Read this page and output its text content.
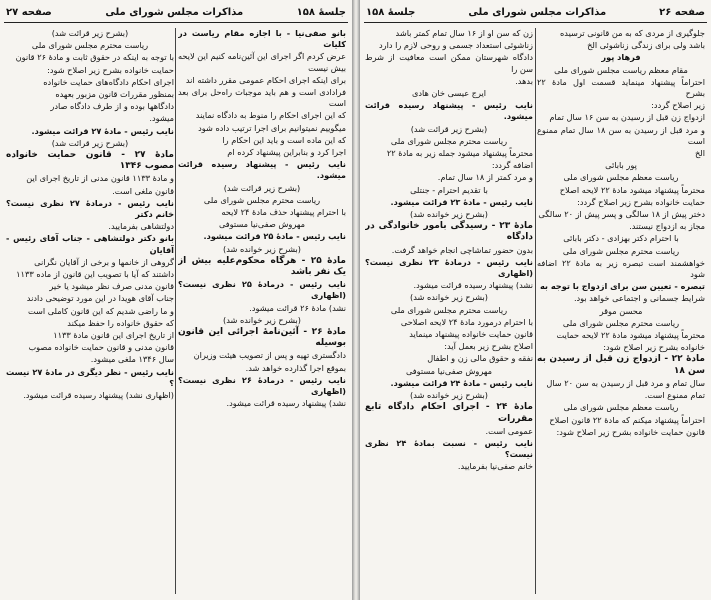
جلسهٔ ۱۵۸
مذاکرات مجلس شورای ملی
صفحه ۲۷

بانو صفی‌نیا - با اجازه مقام ریاست در کلیات

عرض کردم اگر اجرای این آئین‌نامه کنیم این لایحه بیش نیست

برای اینکه اجرای احکام عمومی مقرر داشته اند

فرادادی است و هم باید موجبات راه‌حل برای بعد است

که این اجرای احکام را منوط به دادگاه نمایند

میگوییم نمیتوانیم برای اجرا ترتیب داده شود

که این ماده است و باید این احکام را

اجرا کرد و بنابراین پیشنهاد کرده ام

نایب رئیس - پیشنهاد رسیده قرائت میشود.

(بشرح زیر قرائت شد)

ریاست محترم مجلس شورای ملی

با احترام پیشنهاد حذف مادهٔ ۲۴ لایحه

مهروش صفی‌نیا مستوفی

نایب رئیس - مادهٔ ۲۵ قرائت میشود.

(بشرح زیر خوانده شد)

مادهٔ ۲۵ - هرگاه محکوم‌علیه بیش از یک نفر باشد

نایب رئیس - درمادهٔ ۲۵ نظری نیست؟ (اظهاری

نشد) مادهٔ ۲۶ قرائت میشود.

(بشرح زیر خوانده شد)

مادهٔ ۲۶ - آئین‌نامهٔ اجرائی این قانون بوسیله

دادگستری تهیه و پس از تصویب هیئت وزیران

بموقع اجرا گذارده خواهد شد.

نایب رئیس - درمادهٔ ۲۶ نظری نیست؟ (اظهاری

نشد) پیشنهاد رسیده قرائت میشود.

(بشرح زیر قرائت شد)

ریاست محترم مجلس شورای ملی

با توجه به اینکه در حقوق ثابت و مادهٔ ۲۶ قانون

حمایت خانواده بشرح زیر اصلاح شود:

اجرای احکام دادگاه‌های حمایت خانواده

بمنظور مقررات قانون مزبور بعهده

دادگاهها بوده و از طرف دادگاه صادر

میشود.

نایب رئیس - مادهٔ ۲۷ قرائت میشود.

(بشرح زیر قرائت شد)

مادهٔ ۲۷ - قانون حمایت خانواده مصوب ۱۳۴۶

و مادهٔ ۱۱۳۳ قانون مدنی از تاریخ اجرای این

قانون ملغی است.

نایب رئیس - درمادهٔ ۲۷ نظری نیست؟ خانم دکتر

دولتشاهی بفرمایید.

بانو دکتر دولتشاهی - جناب آقای رئیس - آقایان

گروهی از خانمها و برخی از آقایان نگرانی

داشتند که آیا با تصویب این قانون از ماده ۱۱۳۳

قانون مدنی صرف نظر میشود یا خیر

جناب آقای هویدا در این مورد توضیحی دادند

و ما راضی شدیم که این قانون کاملی است

که حقوق خانواده را حفظ میکند

از تاریخ اجرای این قانون مادهٔ ۱۱۳۳

قانون مدنی و قانون حمایت خانواده مصوب

سال ۱۳۴۶ ملغی میشود.

نایب رئیس - نظر دیگری در مادهٔ ۲۷ نیست ؟

(اظهاری نشد) پیشنهاد رسیده قرائت میشود.

صفحه ۲۶
مذاکرات مجلس شورای ملی
جلسهٔ ۱۵۸

جلوگیری از مردی که به من قانونی ترسیده

باشد ولی برای زندگی زناشوئی الخ

فرهاد پور

مقام معظم ریاست مجلس شورای ملی

احتراماً پیشنهاد مینماید قسمت اول مادهٔ ۲۲ بشرح

زیر اصلاح گردد:

ازدواج زن قبل از رسیدن به سن ۱۶ سال تمام

و مرد قبل از رسیدن به سن ۱۸ سال تمام ممنوع است

الخ

پور بابائی

ریاست معظم مجلس شورای ملی

محترماً پیشنهاد میشود مادهٔ ۲۲ لایحه اصلاح

حمایت خانواده بشرح زیر اصلاح گردد:

دختر پیش از ۱۸ سالگی و پسر پیش از ۲۰ سالگی

مجاز به ازدواج نیستند.

با احترام دکتر بهزادی - دکتر بابائی

ریاست محترم مجلس شورای ملی

خواهشمند است تبصره زیر به مادهٔ ۲۲ اضافه شود

تبصره - تعیین سن برای ازدواج با توجه به

شرایط جسمانی و اجتماعی خواهد بود.

محسن موقر

ریاست محترم مجلس شورای ملی

محترماً پیشنهاد میشود مادهٔ ۲۲ لایحه حمایت

خانواده بشرح زیر اصلاح شود:

مادهٔ ۲۲ - ازدواج زن قبل از رسیدن به سن ۱۸

سال تمام و مرد قبل از رسیدن به سن ۲۰ سال

تمام ممنوع است.

ریاست معظم مجلس شورای ملی

احتراماً پیشنهاد میکنم که مادهٔ ۲۲ قانون اصلاح

قانون حمایت خانواده بشرح زیر اصلاح شود:

زن که سن او از ۱۶ سال تمام کمتر باشد

زناشوئی استعداد جسمی و روحی لازم را دارد

دادگاه شهرستان ممکن است معافیت از شرط سن را

بدهد.

ایرج عیسی خان هادی

نایب رئیس - پیشنهاد رسیده قرائت میشود.

(بشرح زیر قرائت شد)

ریاست محترم مجلس شورای ملی

محترماً پیشنهاد میشود جمله زیر به مادهٔ ۲۲

اضافه گردد:

و مرد کمتر از ۱۸ سال تمام.

با تقدیم احترام - جنتلی

نایب رئیس - مادهٔ ۲۳ قرائت میشود.

(بشرح زیر خوانده شد)

مادهٔ ۲۳ - رسیدگی بامور خانوادگی در دادگاه

بدون حضور تماشاچی انجام خواهد گرفت.

نایب رئیس - درمادهٔ ۲۳ نظری نیست؟ (اظهاری

نشد) پیشنهاد رسیده قرائت میشود.

(بشرح زیر خوانده شد)

ریاست محترم مجلس شورای ملی

با احترام درمورد مادهٔ ۲۴ لایحه اصلاحی

قانون حمایت خانواده پیشنهاد مینماید

اصلاح بشرح زیر بعمل آید:

نفقه و حقوق مالی زن و اطفال

مهروش صفی‌نیا مستوفی

نایب رئیس - مادهٔ ۲۴ قرائت میشود.

(بشرح زیر خوانده شد)

مادهٔ ۲۴ - اجرای احکام دادگاه تابع مقررات

عمومی است.

نایب رئیس - نسبت بمادهٔ ۲۴ نظری نیست؟

خانم صفی‌نیا بفرمایید.
